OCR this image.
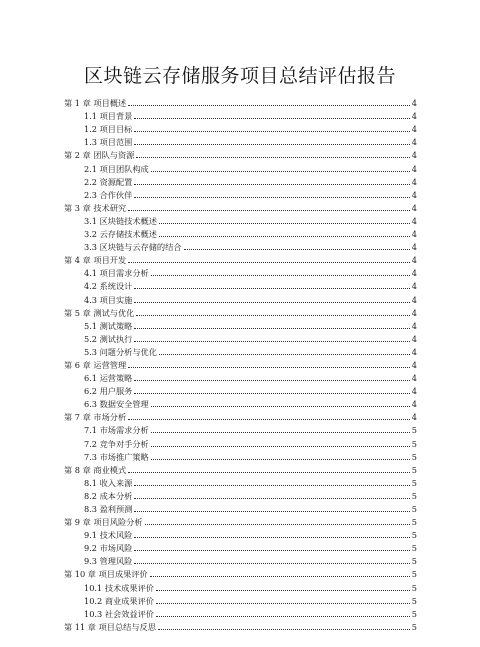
区块链云存储服务项目总结评估报告
第 1 章 项目概述	4
1.1 项目背景	4
1.2 项目目标	4
1.3 项目范围	4
第 2 章 团队与资源	4
2.1 项目团队构成	4
2.2 资源配置	4
2.3 合作伙伴	4
第 3 章 技术研究	4
3.1 区块链技术概述	4
3.2 云存储技术概述	4
3.3 区块链与云存储的结合	4
第 4 章 项目开发	4
4.1 项目需求分析	4
4.2 系统设计	4
4.3 项目实施	4
第 5 章 测试与优化	4
5.1 测试策略	4
5.2 测试执行	4
5.3 问题分析与优化	4
第 6 章 运营管理	4
6.1 运营策略	4
6.2 用户服务	4
6.3 数据安全管理	4
第 7 章 市场分析	4
7.1 市场需求分析	5
7.2 竞争对手分析	5
7.3 市场推广策略	5
第 8 章 商业模式	5
8.1 收入来源	5
8.2 成本分析	5
8.3 盈利预测	5
第 9 章 项目风险分析	5
9.1 技术风险	5
9.2 市场风险	5
9.3 管理风险	5
第 10 章 项目成果评价	5
10.1 技术成果评价	5
10.2 商业成果评价	5
10.3 社会效益评价	5
第 11 章 项目总结与反思	5
